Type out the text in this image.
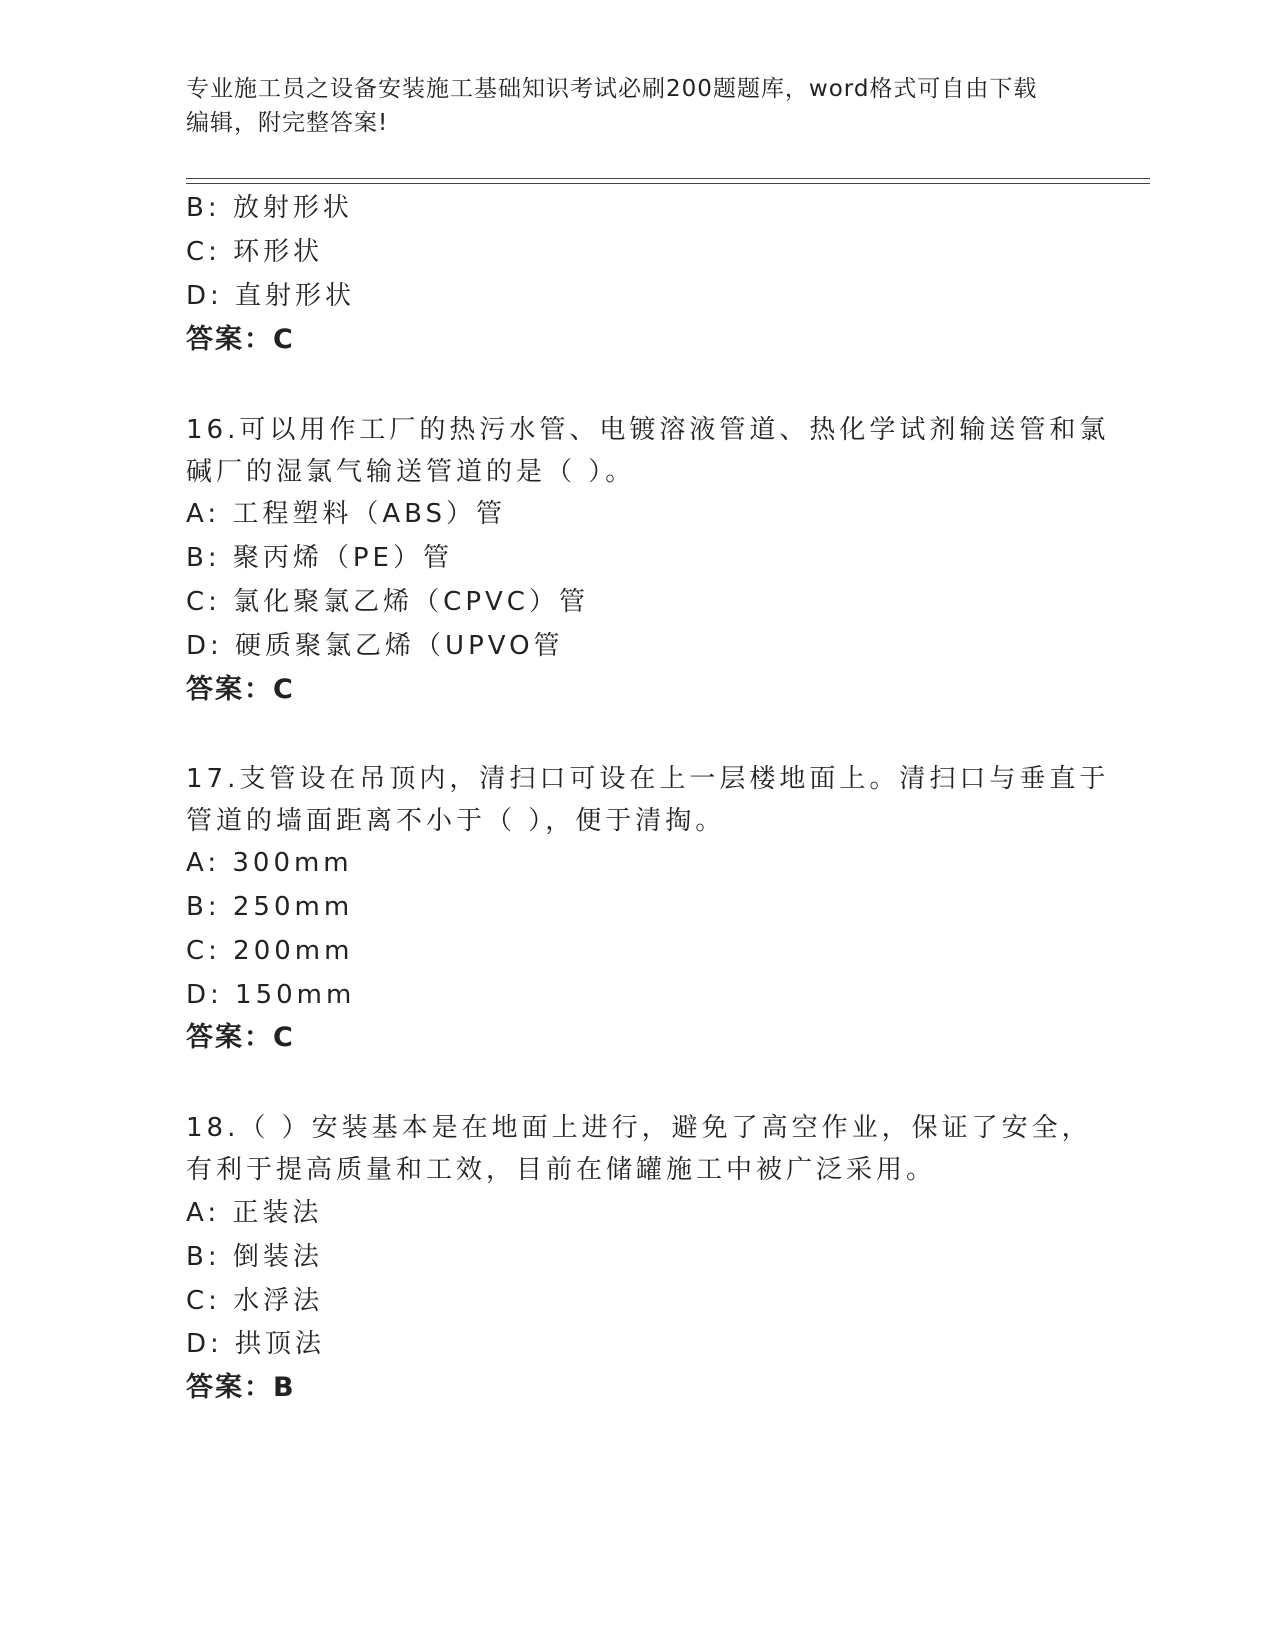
专业施工员之设备安装施工基础知识考试必刷200题题库，word格式可自由下载
编辑，附完整答案!
B: 放射形状
C: 环形状
D: 直射形状
答案：C
16.可以用作工厂的热污水管、电镀溶液管道、热化学试剂输送管和氯
碱厂的湿氯气输送管道的是（ ）。
A: 工程塑料（ABS）管
B: 聚丙烯（PE）管
C: 氯化聚氯乙烯（CPVC）管
D: 硬质聚氯乙烯（UPVO管
答案：C
17.支管设在吊顶内，清扫口可设在上一层楼地面上。清扫口与垂直于
管道的墙面距离不小于（ ），便于清掏。
A: 300mm
B: 250mm
C: 200mm
D: 150mm
答案：C
18.（ ）安装基本是在地面上进行，避免了高空作业，保证了安全，
有利于提高质量和工效，目前在储罐施工中被广泛采用。
A: 正装法
B: 倒装法
C: 水浮法
D: 拱顶法
答案：B
